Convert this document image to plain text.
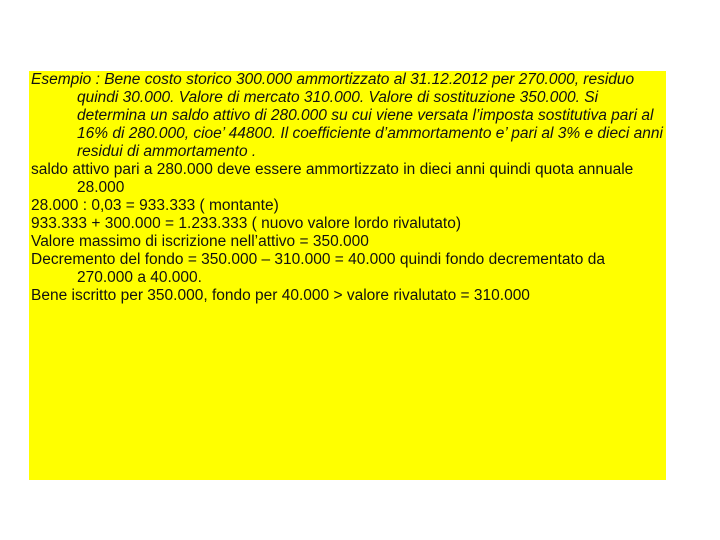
Esempio : Bene costo storico 300.000 ammortizzato al 31.12.2012 per 270.000, residuo quindi 30.000. Valore di mercato 310.000. Valore di sostituzione 350.000. Si determina un saldo attivo di 280.000 su cui viene versata l’imposta sostitutiva pari al 16% di 280.000, cioe’ 44800. Il coefficiente d’ammortamento e’ pari al 3% e dieci anni residui di ammortamento .

saldo attivo pari a 280.000 deve essere ammortizzato in dieci anni quindi quota annuale 28.000

28.000 : 0,03 = 933.333 ( montante)

933.333 + 300.000 = 1.233.333 ( nuovo valore lordo rivalutato)

Valore massimo di iscrizione nell’attivo = 350.000

Decremento del fondo = 350.000 – 310.000 = 40.000 quindi fondo decrementato da 270.000 a 40.000.

Bene iscritto per 350.000, fondo per 40.000 > valore rivalutato = 310.000
